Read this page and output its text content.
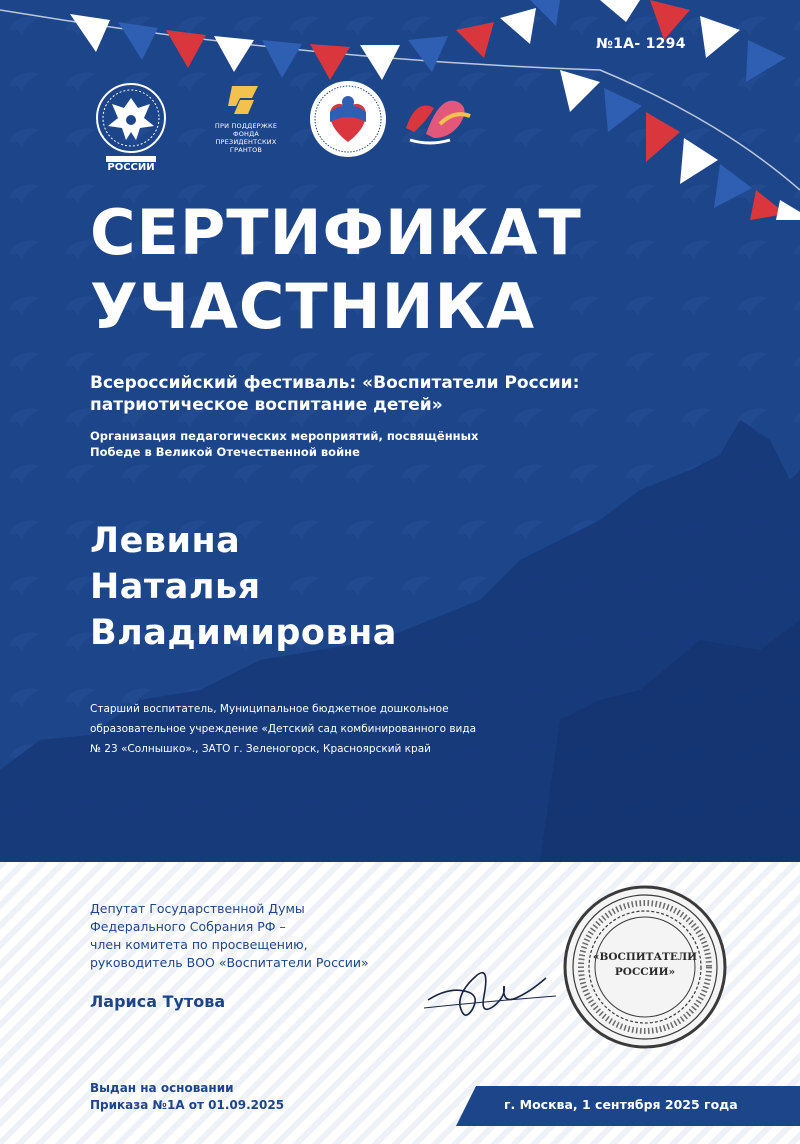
№1А- 1294
РОССИИ
ПРИ ПОДДЕРЖКЕ
ФОНДА
ПРЕЗИДЕНТСКИХ
ГРАНТОВ
СЕРТИФИКАТ
УЧАСТНИКА
Всероссийский фестиваль: «Воспитатели России:
патриотическое воспитание детей»
Организация педагогических мероприятий, посвящённых
Победе в Великой Отечественной войне
Левина
Наталья
Владимировна
Старший воспитатель, Муниципальное бюджетное дошкольное
образовательное учреждение «Детский сад комбинированного вида
№ 23 «Солнышко»., ЗАТО г. Зеленогорск, Красноярский край
Депутат Государственной Думы
Федерального Собрания РФ –
член комитета по просвещению,
руководитель ВОО «Воспитатели России»
Лариса Тутова
«ВОСПИТАТЕЛИ
РОССИИ»
Выдан на основании
Приказа №1А от 01.09.2025	г. Москва, 1 сентября 2025 года
